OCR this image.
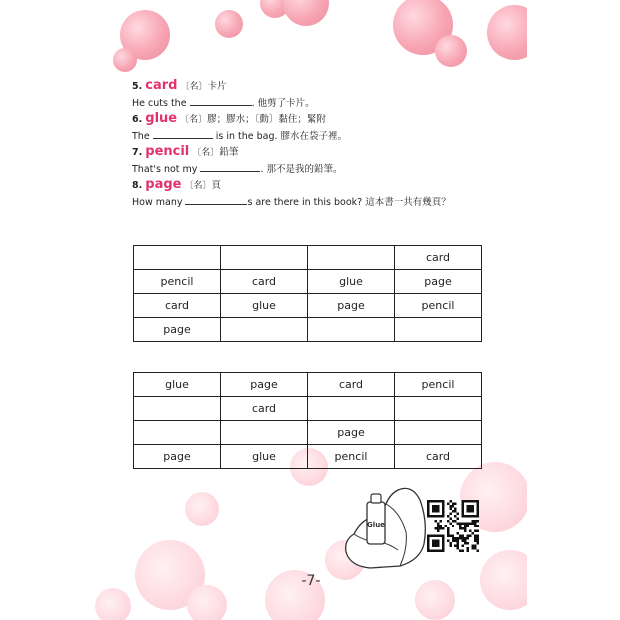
5. card 〔名〕卡片
He cuts the	. 他剪了卡片。
6. glue 〔名〕膠；膠水；〔動〕黏住；緊附
The	is in the bag. 膠水在袋子裡。
7. pencil 〔名〕鉛筆
That's not my	. 那不是我的鉛筆。
8. page 〔名〕頁
How many	s are there in this book? 這本書一共有幾頁？
			card
pencil	card	glue	page
card	glue	page	pencil
page			
glue	page	card	pencil
	card		
		page	
page	glue	pencil	card
Glue
-7-
